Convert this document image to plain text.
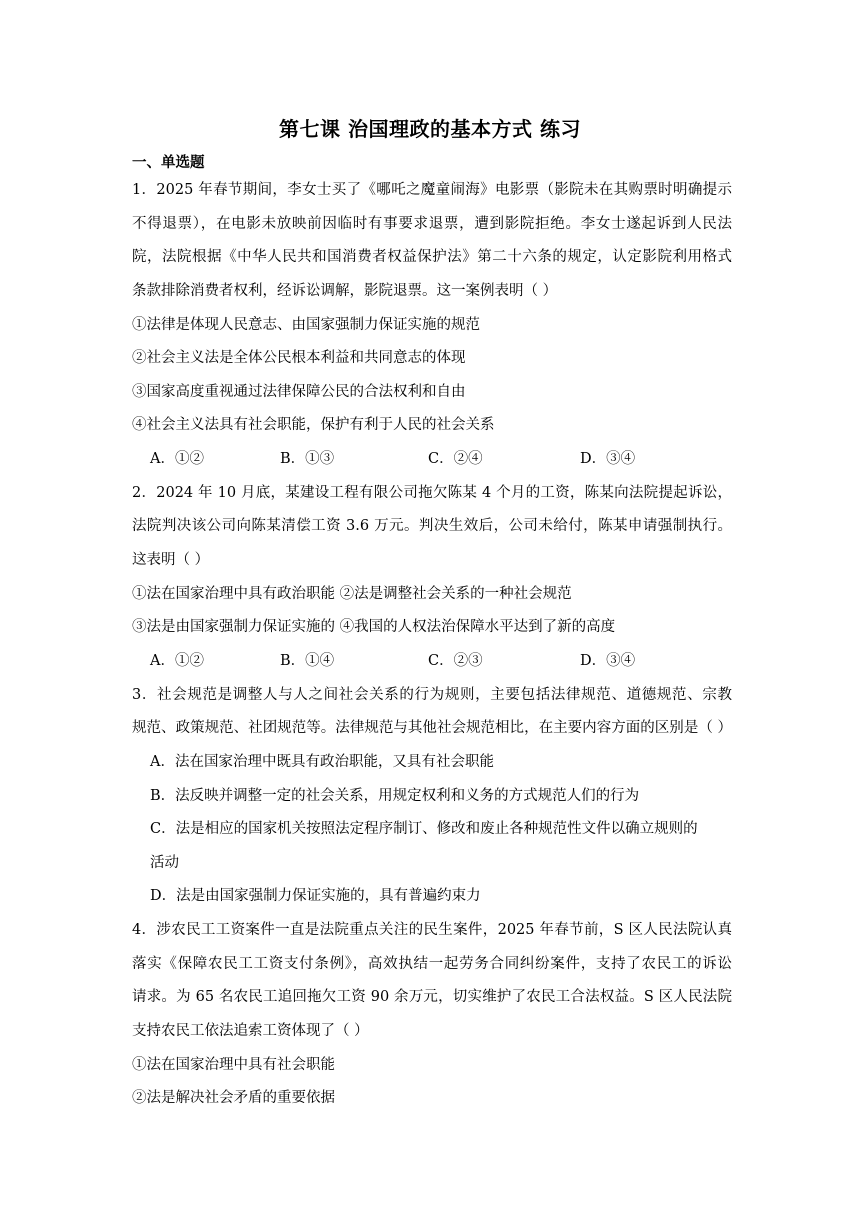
第七课 治国理政的基本方式 练习
一、单选题
1．2025 年春节期间，李女士买了《哪吒之魔童闹海》电影票（影院未在其购票时明确提示
不得退票），在电影未放映前因临时有事要求退票，遭到影院拒绝。李女士遂起诉到人民法
院，法院根据《中华人民共和国消费者权益保护法》第二十六条的规定，认定影院利用格式
条款排除消费者权利，经诉讼调解，影院退票。这一案例表明（ ）
①法律是体现人民意志、由国家强制力保证实施的规范
②社会主义法是全体公民根本利益和共同意志的体现
③国家高度重视通过法律保障公民的合法权利和自由
④社会主义法具有社会职能，保护有利于人民的社会关系
A．①②	B．①③	C．②④	D．③④
2．2024 年 10 月底，某建设工程有限公司拖欠陈某 4 个月的工资，陈某向法院提起诉讼，
法院判决该公司向陈某清偿工资 3.6 万元。判决生效后，公司未给付，陈某申请强制执行。
这表明（ ）
①法在国家治理中具有政治职能 ②法是调整社会关系的一种社会规范
③法是由国家强制力保证实施的 ④我国的人权法治保障水平达到了新的高度
A．①②	B．①④	C．②③	D．③④
3．社会规范是调整人与人之间社会关系的行为规则，主要包括法律规范、道德规范、宗教
规范、政策规范、社团规范等。法律规范与其他社会规范相比，在主要内容方面的区别是（ ）
A．法在国家治理中既具有政治职能，又具有社会职能
B．法反映并调整一定的社会关系，用规定权利和义务的方式规范人们的行为
C．法是相应的国家机关按照法定程序制订、修改和废止各种规范性文件以确立规则的
活动
D．法是由国家强制力保证实施的，具有普遍约束力
4．涉农民工工资案件一直是法院重点关注的民生案件，2025 年春节前，S 区人民法院认真
落实《保障农民工工资支付条例》，高效执结一起劳务合同纠纷案件，支持了农民工的诉讼
请求。为 65 名农民工追回拖欠工资 90 余万元，切实维护了农民工合法权益。S 区人民法院
支持农民工依法追索工资体现了（ ）
①法在国家治理中具有社会职能
②法是解决社会矛盾的重要依据
